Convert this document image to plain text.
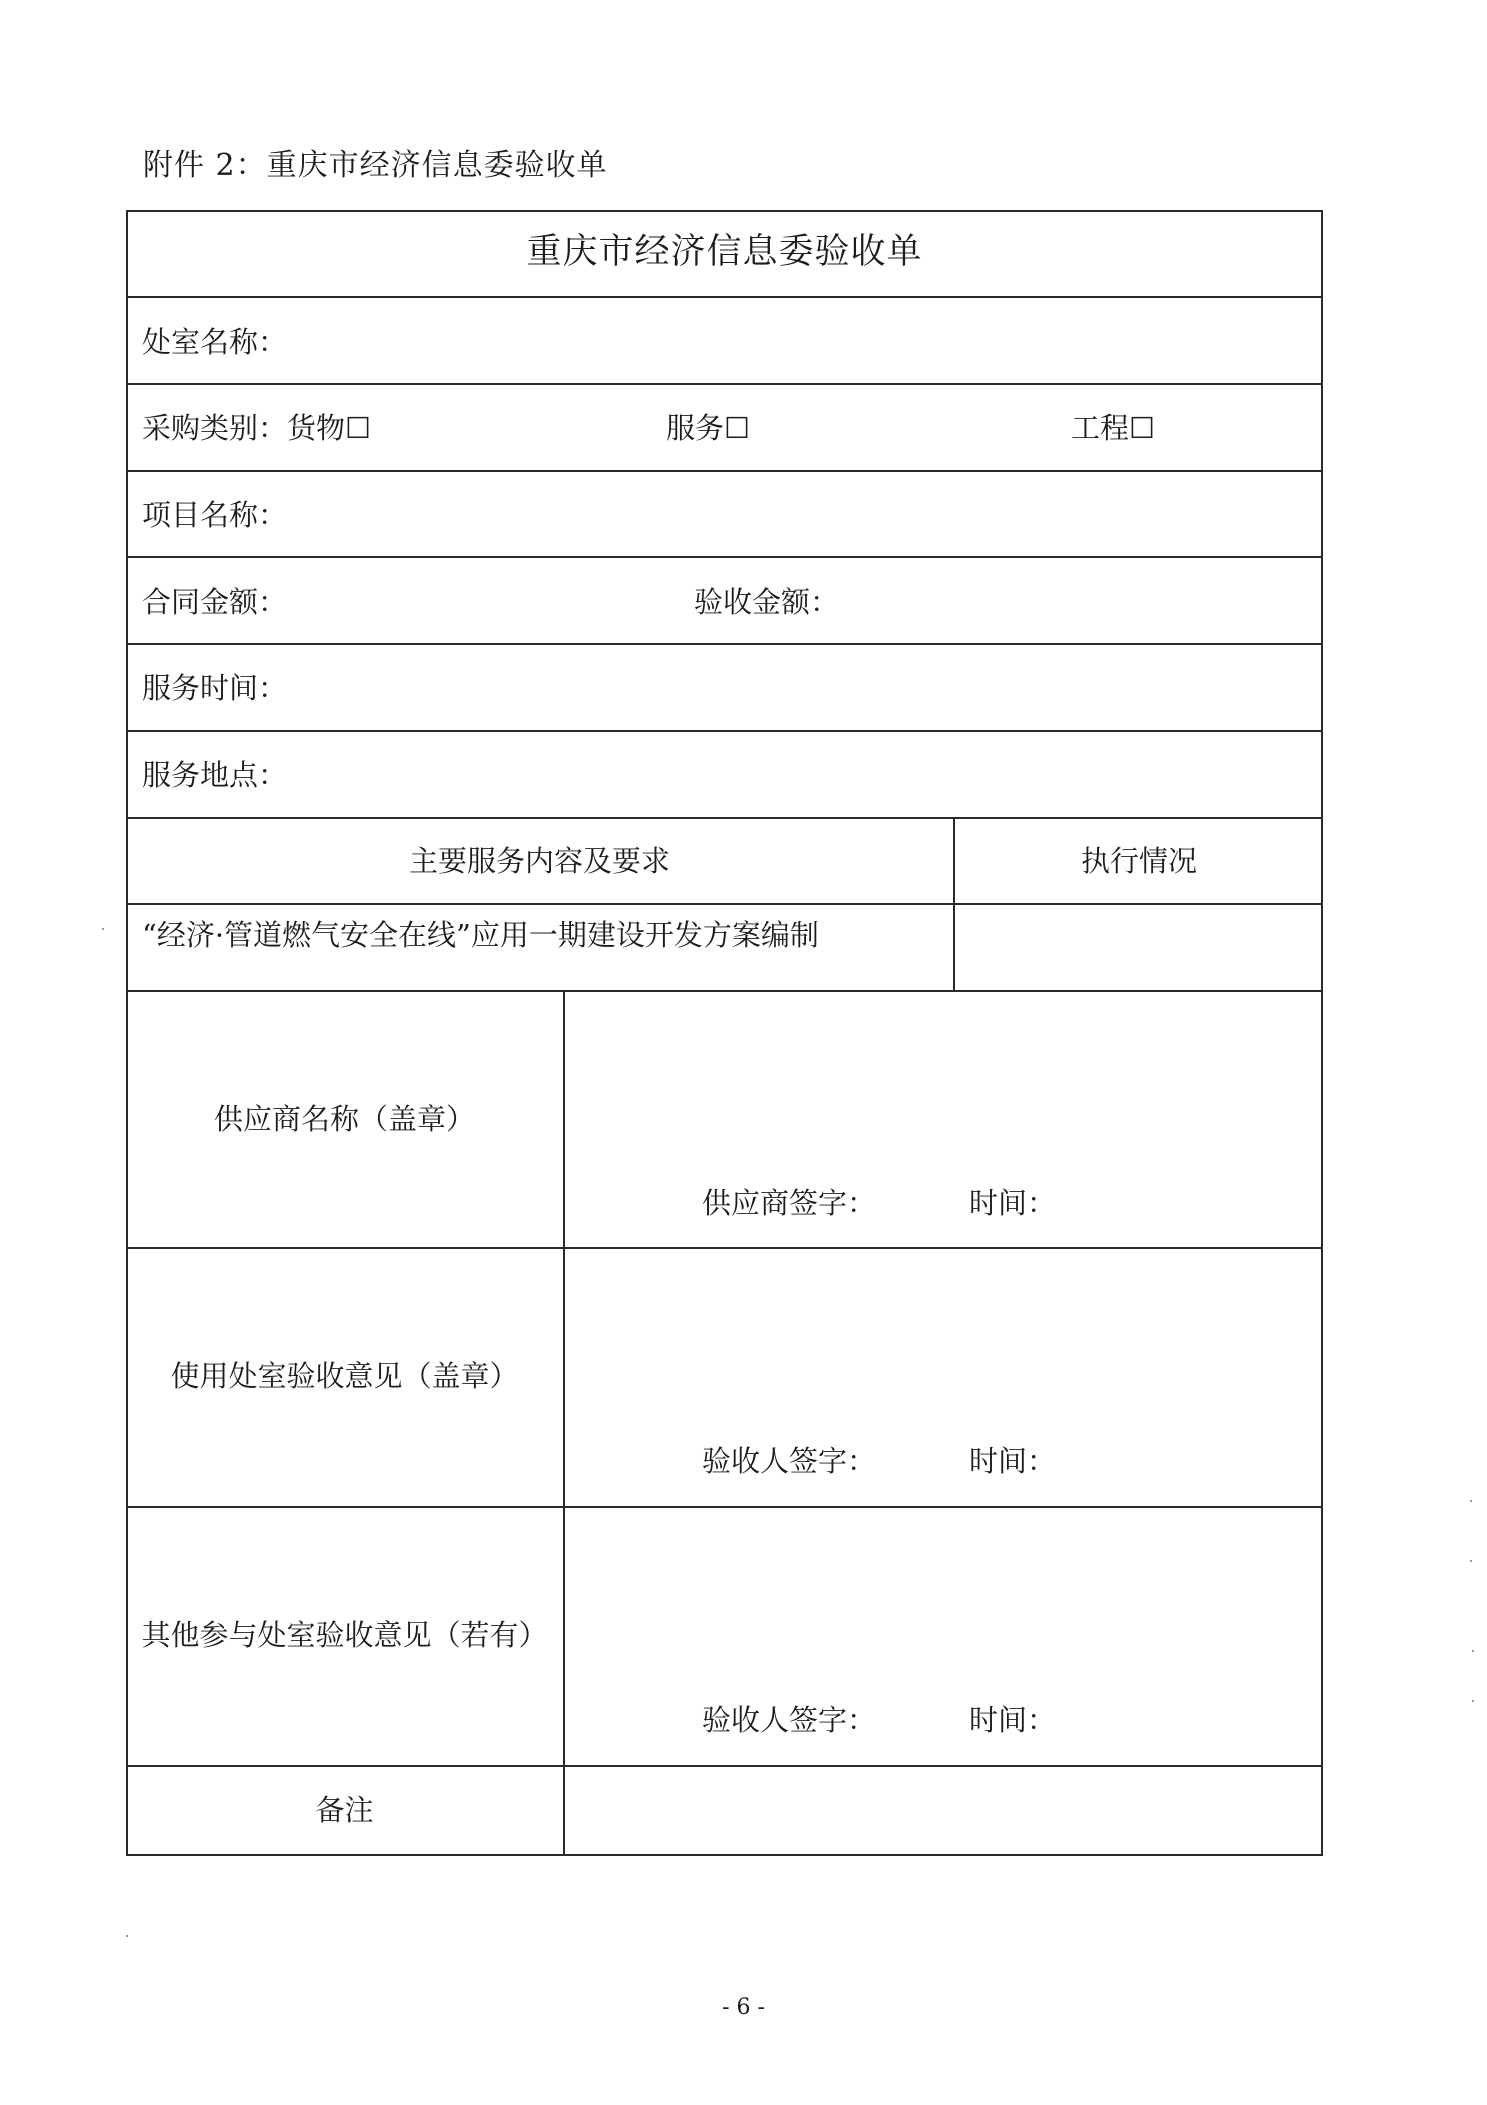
附件 2：重庆市经济信息委验收单
重庆市经济信息委验收单
处室名称：
采购类别：货物☐	服务☐	工程☐
项目名称：
合同金额：	验收金额：
服务时间：
服务地点：
主要服务内容及要求	执行情况
“经济·管道燃气安全在线”应用一期建设开发方案编制
供应商名称（盖章）
供应商签字：	时间：
使用处室验收意见（盖章）
验收人签字：	时间：
其他参与处室验收意见（若有）
验收人签字：	时间：
备注
- 6 -
